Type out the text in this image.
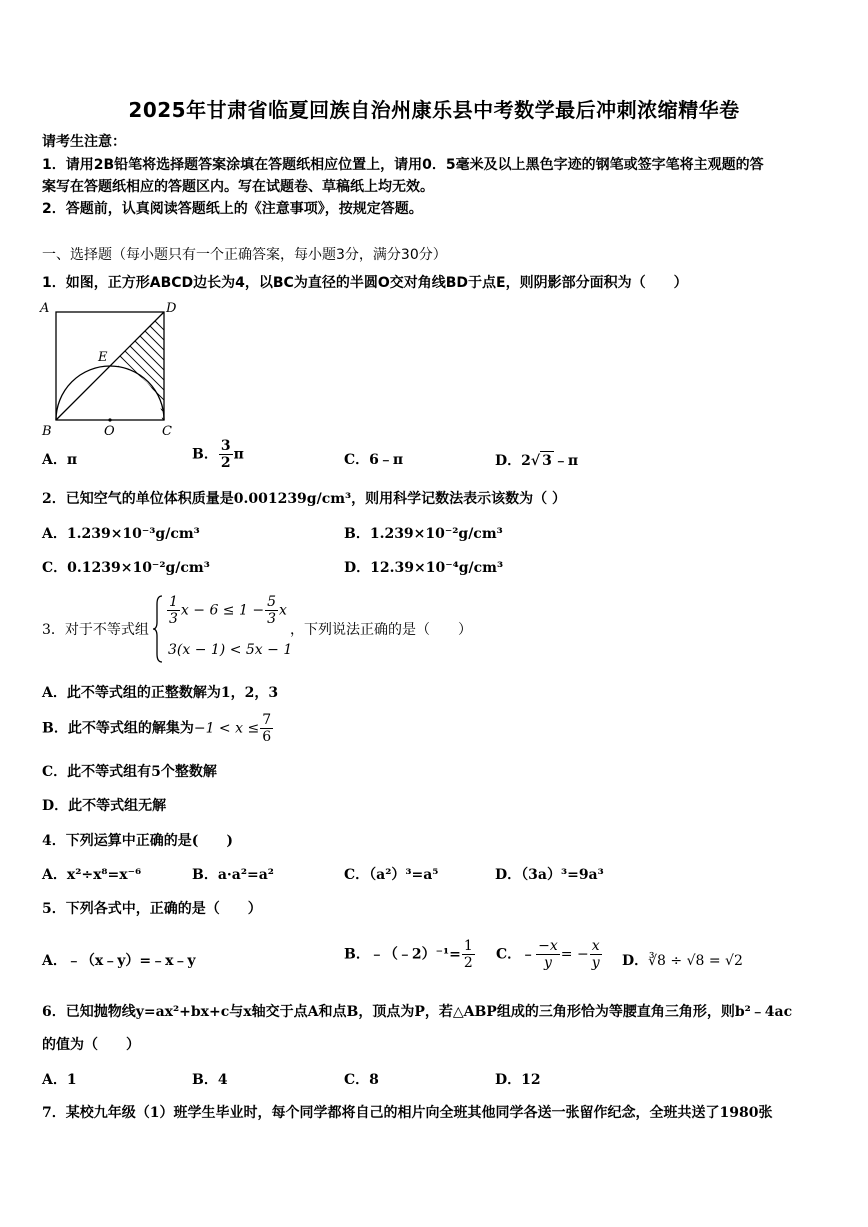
2025年甘肃省临夏回族自治州康乐县中考数学最后冲刺浓缩精华卷
请考生注意：
1．请用2B铅笔将选择题答案涂填在答题纸相应位置上，请用0．5毫米及以上黑色字迹的钢笔或签字笔将主观题的答
案写在答题纸相应的答题区内。写在试题卷、草稿纸上均无效。
2．答题前，认真阅读答题纸上的《注意事项》，按规定答题。
一、选择题（每小题只有一个正确答案，每小题3分，满分30分）
1．如图，正方形ABCD边长为4，以BC为直径的半圆O交对角线BD于点E，则阴影部分面积为（　　）
A	D
E
B	O	C
A．π	B． $\frac{3}{2}$ π	C．6﹣π	D．2√ 3 ﹣π
2．已知空气的单位体积质量是0.001239g/cm³，则用科学记数法表示该数为（ ）
A．1.239×10⁻³g/cm³	B．1.239×10⁻²g/cm³
C．0.1239×10⁻²g/cm³	D．12.39×10⁻⁴g/cm³
3．对于不等式组
$\frac{1}{3}$ $x - 6 \le 1 - \frac{5}{3}$ x
3(x − 1) < 5x − 1
，下列说法正确的是（　　）
A．此不等式组的正整数解为1，2，3
B．此不等式组的解集为$-1 < x \le \frac{7}{6}$
C．此不等式组有5个整数解
D．此不等式组无解
4．下列运算中正确的是(　　)
A．x²÷x⁸=x⁻⁶	B．a·a²=a²	C．（a²）³=a⁵	D．（3a）³=9a³
5．下列各式中，正确的是（　　）
A．﹣（x﹣y）=﹣x﹣y	B．﹣（﹣2）⁻¹= $\frac{1}{2}$ C．﹣ $\frac{-x}{y}$ = − $\frac{x}{y}$ D．∛8 ÷ √8 = √2
6．已知抛物线y=ax²+bx+c与x轴交于点A和点B，顶点为P，若△ABP组成的三角形恰为等腰直角三角形，则b²﹣4ac
的值为（　　）
A．1	B．4	C．8	D．12
7．某校九年级（1）班学生毕业时，每个同学都将自己的相片向全班其他同学各送一张留作纪念，全班共送了1980张
